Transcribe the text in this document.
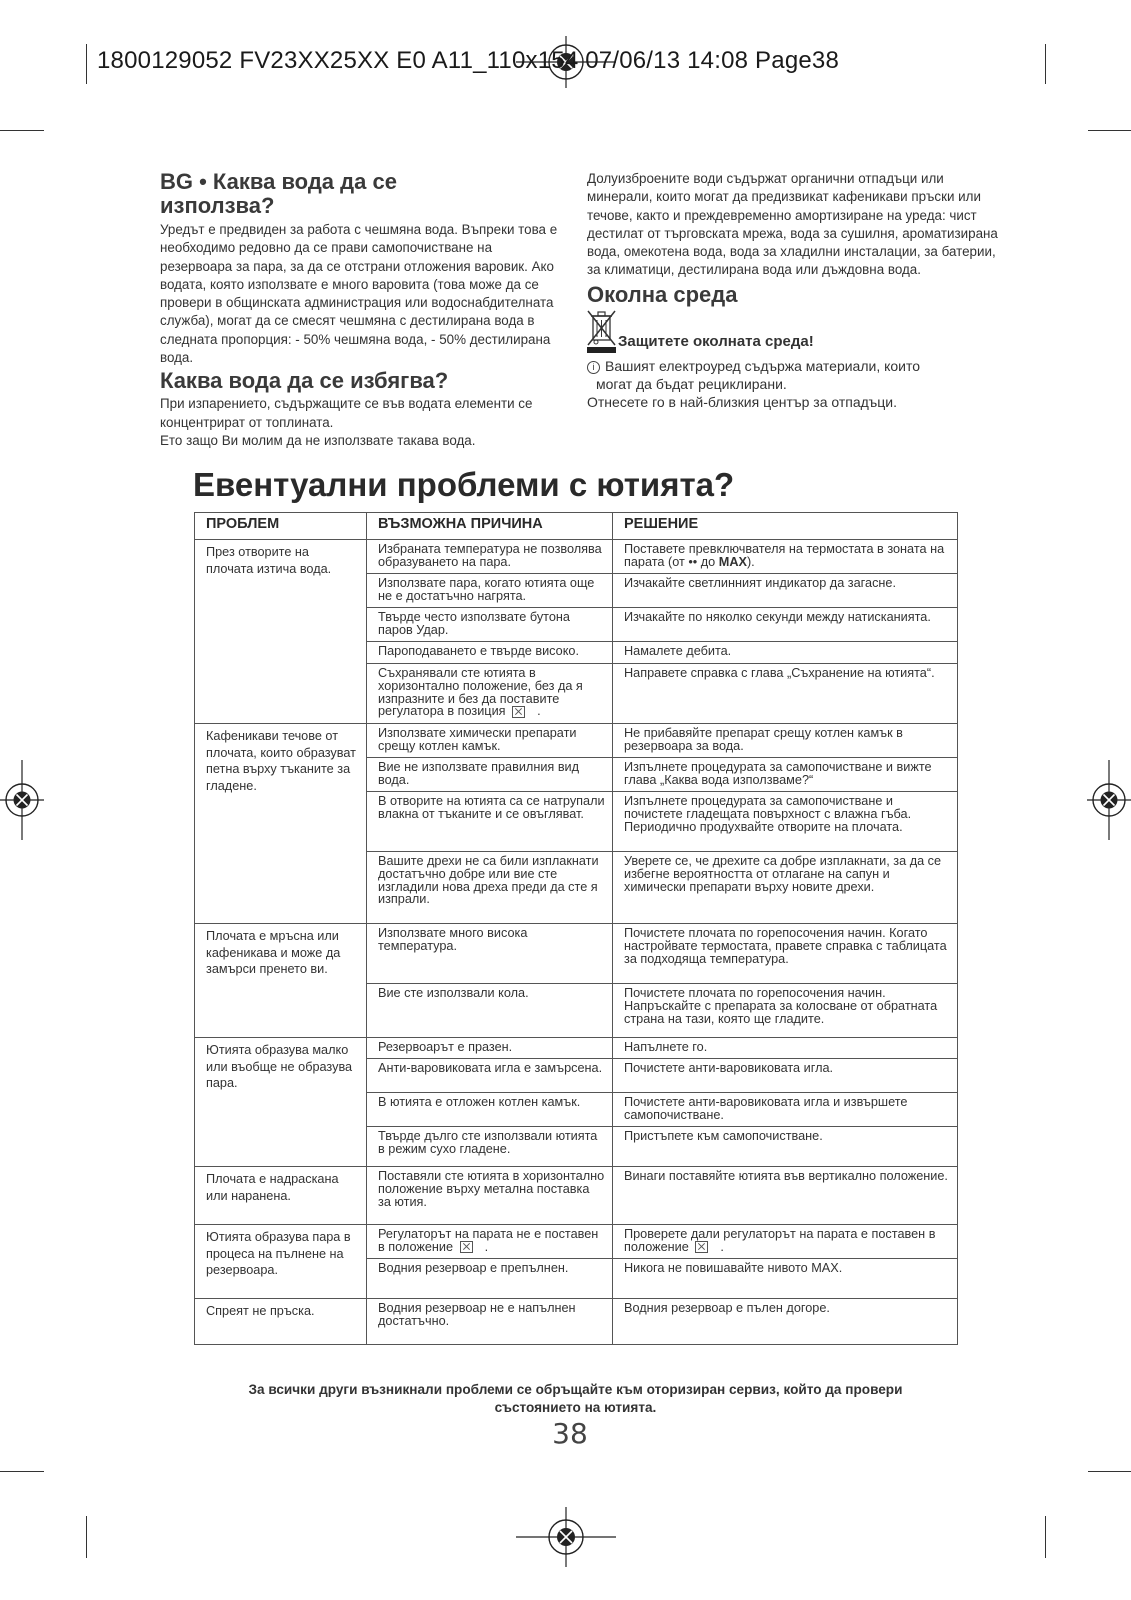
1800129052 FV23XX25XX E0 A11_110x154 07/06/13 14:08 Page38
BG • Каква вода да се
използва?
Уредът е предвиден за работа с чешмяна вода. Въпреки това е необходимо редовно да се прави самопочистване на резервоара за пара, за да се отстрани отложения варовик. Ако водата, която използвате е много варовита (това може да се провери в общинската администрация или водоснабдителната служба), могат да се смесят чешмяна с дестилирана вода в следната пропорция: - 50% чешмяна вода, - 50% дестилирана вода.
Каква вода да се избягва?
При изпарението, съдържащите се във водата елементи се концентрират от топлината.
Ето защо Ви молим да не използвате такава вода.
Долуизброените води съдържат органични отпадъци или минерали, които могат да предизвикат кафеникави пръски или течове, както и преждевременно амортизиране на уреда: чист дестилат от търговската мрежа, вода за сушилня, ароматизирана вода, омекотена вода, вода за хладилни инсталации, за батерии, за климатици, дестилирана вода или дъждовна вода.
Околна среда
Защитете околната среда!
i Вашият електроуред съдържа материали, които
могат да бъдат рециклирани.
Отнесете го в най-близкия център за отпадъци.
Евентуални проблеми с ютията?
ПРОБЛЕМ	ВЪЗМОЖНА ПРИЧИНА	РЕШЕНИЕ
През отворите на плочата изтича вода.	Избраната температура не позволява образуването на пара.	Поставете превключвателя на термостата в зоната на парата (от •• до MAX).
	Използвате пара, когато ютията още не е достатъчно нагрята.	Изчакайте светлинният индикатор да загасне.
	Твърде често използвате бутона паров Удар.	Изчакайте по няколко секунди между натисканията.
	Пароподаването е твърде високо.	Намалете дебита.
	Съхранявали сте ютията в хоризонтално положение, без да я изпразните и без да поставите регулатора в позиция .	Направете справка с глава „Съхранение на ютията“.
Кафеникави течове от плочата, които образуват петна върху тъканите за гладене.	Използвате химически препарати срещу котлен камък.	Не прибавяйте препарат срещу котлен камък в резервоара за вода.
	Вие не използвате правилния вид вода.	Изпълнете процедурата за самопочистване и вижте глава „Каква вода използваме?“
	В отворите на ютията са се натрупали влакна от тъканите и се овъгляват.	Изпълнете процедурата за самопочистване и почистете гладещата повърхност с влажна гъба. Периодично продухвайте отворите на плочата.
	Вашите дрехи не са били изплакнати достатъчно добре или вие сте изгладили нова дреха преди да сте я изпрали.	Уверете се, че дрехите са добре изплакнати, за да се избегне вероятността от отлагане на сапун и химически препарати върху новите дрехи.
Плочата е мръсна или кафеникава и може да замърси пренето ви.	Използвате много висока температура.	Почистете плочата по горепосочения начин. Когато настройвате термостата, правете справка с таблицата за подходяща температура.
	Вие сте използвали кола.	Почистете плочата по горепосочения начин. Напръскайте с препарата за колосване от обратната страна на тази, която ще гладите.
Ютията образува малко или въобще не образува пара.	Резервоарът е празен.	Напълнете го.
	Анти-варовиковата игла е замърсена.	Почистете анти-варовиковата игла.
	В ютията е отложен котлен камък.	Почистете анти-варовиковата игла и извършете самопочистване.
	Твърде дълго сте използвали ютията в режим сухо гладене.	Пристъпете към самопочистване.
Плочата е надраскана или наранена.	Поставяли сте ютията в хоризонтално положение върху метална поставка за ютия.	Винаги поставяйте ютията във вертикално положение.
Ютията образува пара в процеса на пълнене на резервоара.	Регулаторът на парата не е поставен в положение .	Проверете дали регулаторът на парата е поставен в положение .
	Водния резервоар е препълнен.	Никога не повишавайте нивото MAX.
Спреят не пръска.	Водния резервоар не е напълнен достатъчно.	Водния резервоар е пълен догоре.
За всички други възникнали проблеми се обръщайте към оторизиран сервиз, който да провери
състоянието на ютията.
38
